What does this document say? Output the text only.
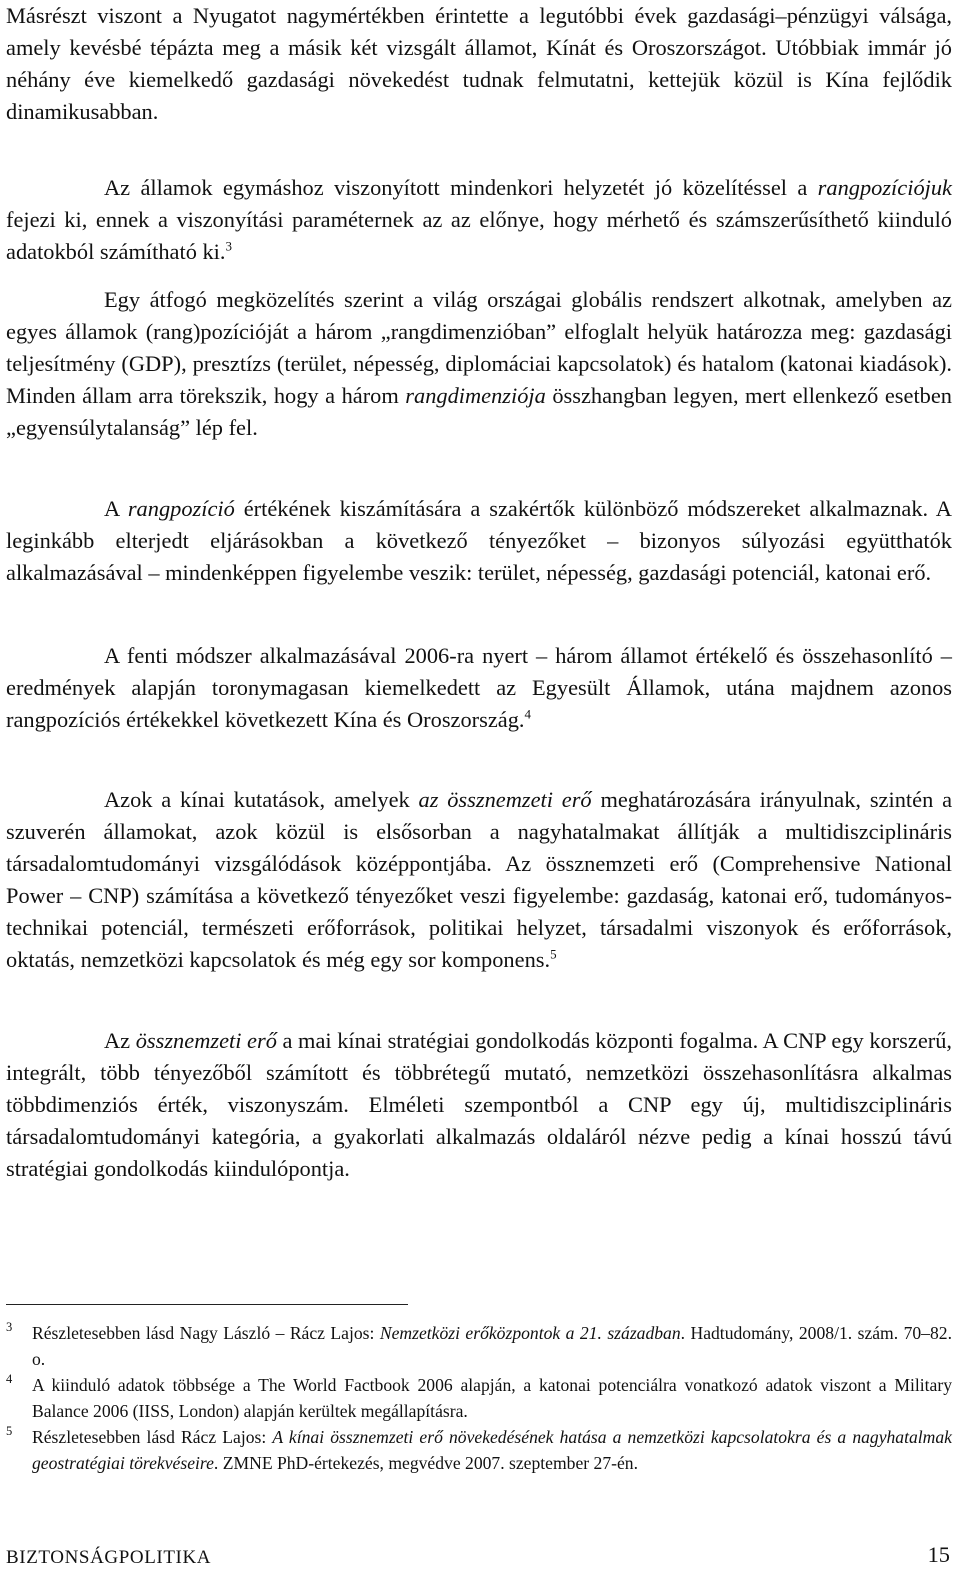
Másrészt viszont a Nyugatot nagymértékben érintette a legutóbbi évek gazdasági–pénzügyi válsága, amely kevésbé tépázta meg a másik két vizsgált államot, Kínát és Oroszországot. Utóbbiak immár jó néhány éve kiemelkedő gazdasági növekedést tudnak felmutatni, kettejük közül is Kína fejlődik dinamikusabban.

Az államok egymáshoz viszonyított mindenkori helyzetét jó közelítéssel a rangpozíciójuk fejezi ki, ennek a viszonyítási paraméternek az az előnye, hogy mérhető és számszerűsíthető kiinduló adatokból számítható ki.$^3$

Egy átfogó megközelítés szerint a világ országai globális rendszert alkotnak, amelyben az egyes államok (rang)pozícióját a három „rangdimenzióban” elfoglalt helyük határozza meg: gazdasági teljesítmény (GDP), presztízs (terület, népesség, diplomáciai kapcsolatok) és hatalom (katonai kiadások). Minden állam arra törekszik, hogy a három rangdimenziója összhangban legyen, mert ellenkező esetben „egyensúlytalanság” lép fel.

A rangpozíció értékének kiszámítására a szakértők különböző módszereket alkalmaznak. A leginkább elterjedt eljárásokban a következő tényezőket – bizonyos súlyozási együtthatók alkalmazásával – mindenképpen figyelembe veszik: terület, népesség, gazdasági potenciál, katonai erő.

A fenti módszer alkalmazásával 2006-ra nyert – három államot értékelő és összehasonlító – eredmények alapján toronymagasan kiemelkedett az Egyesült Államok, utána majdnem azonos rangpozíciós értékekkel következett Kína és Oroszország.$^4$

Azok a kínai kutatások, amelyek az össznemzeti erő meghatározására irányulnak, szintén a szuverén államokat, azok közül is elsősorban a nagyhatalmakat állítják a multidiszciplináris társadalomtudományi vizsgálódások középpontjába. Az össznemzeti erő (Comprehensive National Power – CNP) számítása a következő tényezőket veszi figyelembe: gazdaság, katonai erő, tudományos-technikai potenciál, természeti erőforrások, politikai helyzet, társadalmi viszonyok és erőforrások, oktatás, nemzetközi kapcsolatok és még egy sor komponens.$^5$

Az össznemzeti erő a mai kínai stratégiai gondolkodás központi fogalma. A CNP egy korszerű, integrált, több tényezőből számított és többrétegű mutató, nemzetközi összehasonlításra alkalmas többdimenziós érték, viszonyszám. Elméleti szempontból a CNP egy új, multidiszciplináris társadalomtudományi kategória, a gyakorlati alkalmazás oldaláról nézve pedig a kínai hosszú távú stratégiai gondolkodás kiindulópontja.

3 Részletesebben lásd Nagy László – Rácz Lajos: Nemzetközi erőközpontok a 21. században. Hadtudomány, 2008/1. szám. 70–82. o.

4 A kiinduló adatok többsége a The World Factbook 2006 alapján, a katonai potenciálra vonatkozó adatok viszont a Military Balance 2006 (IISS, London) alapján kerültek megállapításra.

5 Részletesebben lásd Rácz Lajos: A kínai össznemzeti erő növekedésének hatása a nemzetközi kapcsolatokra és a nagyhatalmak geostratégiai törekvéseire. ZMNE PhD-értekezés, megvédve 2007. szeptember 27-én.

BIZTONSÁGPOLITIKA	15
